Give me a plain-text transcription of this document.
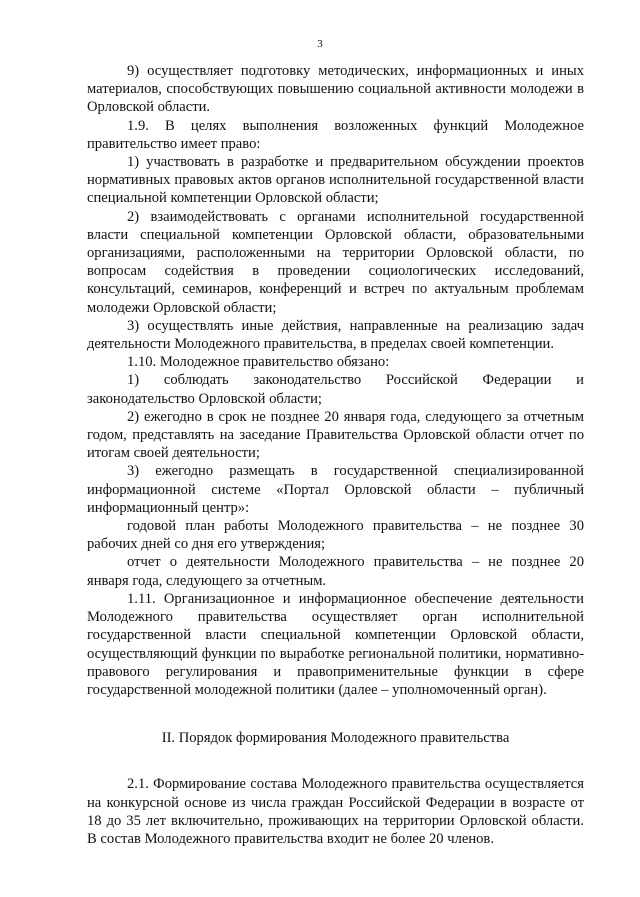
3

9) осуществляет подготовку методических, информационных и иных материалов, способствующих повышению социальной активности молодежи в Орловской области.

1.9. В целях выполнения возложенных функций Молодежное правительство имеет право:

1) участвовать в разработке и предварительном обсуждении проектов нормативных правовых актов органов исполнительной государственной власти специальной компетенции Орловской области;

2) взаимодействовать с органами исполнительной государственной власти специальной компетенции Орловской области, образовательными организациями, расположенными на территории Орловской области, по вопросам содействия в проведении социологических исследований, консультаций, семинаров, конференций и встреч по актуальным проблемам молодежи Орловской области;

3) осуществлять иные действия, направленные на реализацию задач деятельности Молодежного правительства, в пределах своей компетенции.

1.10. Молодежное правительство обязано:

1) соблюдать законодательство Российской Федерации и законодательство Орловской области;

2) ежегодно в срок не позднее 20 января года, следующего за отчетным годом, представлять на заседание Правительства Орловской области отчет по итогам своей деятельности;

3) ежегодно размещать в государственной специализированной информационной системе «Портал Орловской области – публичный информационный центр»:

годовой план работы Молодежного правительства – не позднее 30 рабочих дней со дня его утверждения;

отчет о деятельности Молодежного правительства – не позднее 20 января года, следующего за отчетным.

1.11. Организационное и информационное обеспечение деятельности Молодежного правительства осуществляет орган исполнительной государственной власти специальной компетенции Орловской области, осуществляющий функции по выработке региональной политики, нормативно-правового регулирования и правоприменительные функции в сфере государственной молодежной политики (далее – уполномоченный орган).

II. Порядок формирования Молодежного правительства

2.1. Формирование состава Молодежного правительства осуществляется на конкурсной основе из числа граждан Российской Федерации в возрасте от 18 до 35 лет включительно, проживающих на территории Орловской области. В состав Молодежного правительства входит не более 20 членов.
